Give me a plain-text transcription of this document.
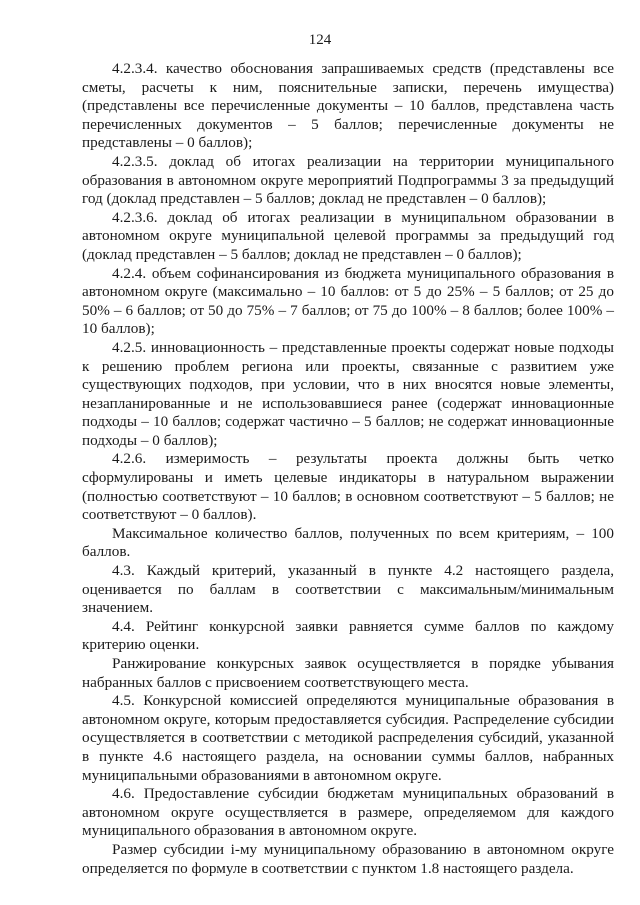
124

4.2.3.4. качество обоснования запрашиваемых средств (представлены все сметы, расчеты к ним, пояснительные записки, перечень имущества) (представлены все перечисленные документы – 10 баллов, представлена часть перечисленных документов – 5 баллов; перечисленные документы не представлены – 0 баллов);

4.2.3.5. доклад об итогах реализации на территории муниципального образования в автономном округе мероприятий Подпрограммы 3 за предыдущий год (доклад представлен – 5 баллов; доклад не представлен – 0 баллов);

4.2.3.6. доклад об итогах реализации в муниципальном образовании в автономном округе муниципальной целевой программы за предыдущий год (доклад представлен – 5 баллов; доклад не представлен – 0 баллов);

4.2.4. объем софинансирования из бюджета муниципального образования в автономном округе (максимально – 10 баллов: от 5 до 25% – 5 баллов; от 25 до 50% – 6 баллов; от 50 до 75% – 7 баллов; от 75 до 100% – 8 баллов; более 100% – 10 баллов);

4.2.5. инновационность – представленные проекты содержат новые подходы к решению проблем региона или проекты, связанные с развитием уже существующих подходов, при условии, что в них вносятся новые элементы, незапланированные и не использовавшиеся ранее (содержат инновационные подходы – 10 баллов; содержат частично – 5 баллов; не содержат инновационные подходы – 0 баллов);

4.2.6. измеримость – результаты проекта должны быть четко сформулированы и иметь целевые индикаторы в натуральном выражении (полностью соответствуют – 10 баллов; в основном соответствуют – 5 баллов; не соответствуют – 0 баллов).

Максимальное количество баллов, полученных по всем критериям, – 100 баллов.

4.3. Каждый критерий, указанный в пункте 4.2 настоящего раздела, оценивается по баллам в соответствии с максимальным/минимальным значением.

4.4. Рейтинг конкурсной заявки равняется сумме баллов по каждому критерию оценки.

Ранжирование конкурсных заявок осуществляется в порядке убывания набранных баллов с присвоением соответствующего места.

4.5. Конкурсной комиссией определяются муниципальные образования в автономном округе, которым предоставляется субсидия. Распределение субсидии осуществляется в соответствии с методикой распределения субсидий, указанной в пункте 4.6 настоящего раздела, на основании суммы баллов, набранных муниципальными образованиями в автономном округе.

4.6. Предоставление субсидии бюджетам муниципальных образований в автономном округе осуществляется в размере, определяемом для каждого муниципального образования в автономном округе.

Размер субсидии i-му муниципальному образованию в автономном округе определяется по формуле в соответствии с пунктом 1.8 настоящего раздела.
